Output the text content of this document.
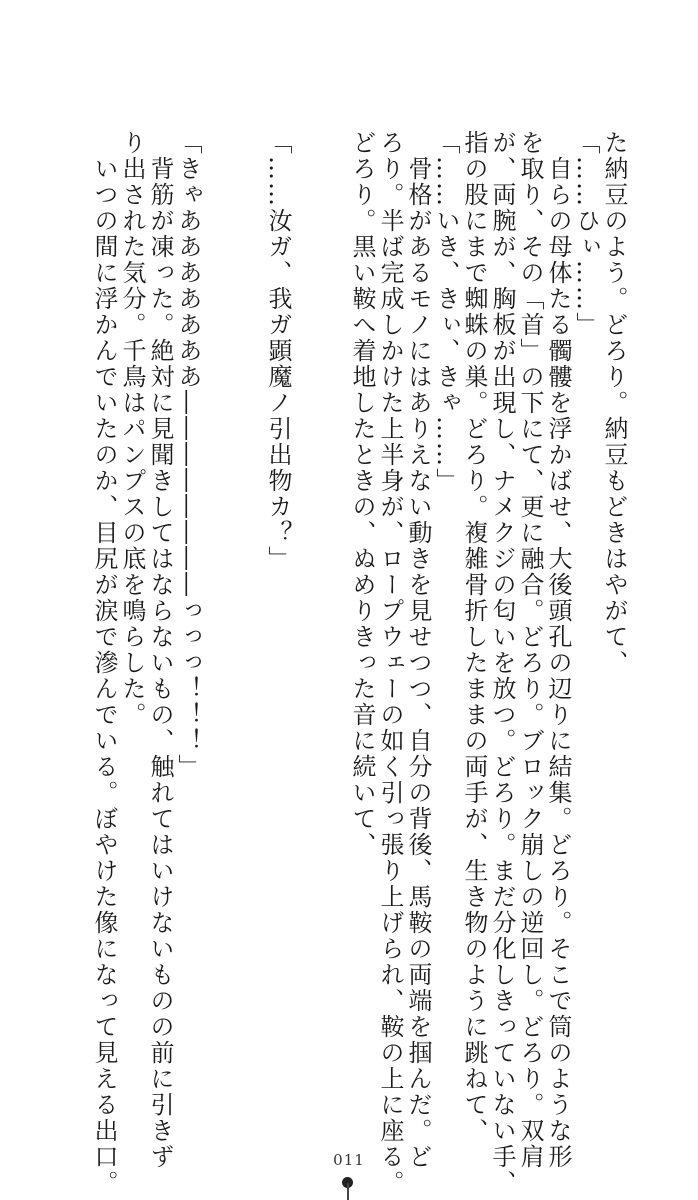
た納豆のよう。どろり。納豆もどきはやがて、
「……ひぃ……」
　自らの母体たる髑髏を浮かばせ、大後頭孔の辺りに結集。どろり。そこで筒のような形
を取り、その「首」の下にて、更に融合。どろり。ブロック崩しの逆回し。どろり。双肩
が、両腕が、胸板が出現し、ナメクジの匂いを放つ。どろり。まだ分化しきっていない手、
指の股にまで蜘蛛の巣。どろり。複雑骨折したままの両手が、生き物のように跳ねて、
「……いき、きぃ、きゃ……」
　骨格があるモノにはありえない動きを見せつつ、自分の背後、馬鞍の両端を掴んだ。ど
ろり。半ば完成しかけた上半身が、ロープウェーの如く引っ張り上げられ、鞍の上に座る。
どろり。黒い鞍へ着地したときの、ぬめりきった音に続いて、
「……汝ガ、我ガ顕魔ノ引出物カ？」
「きゃあああああああ――――――――っっっ！！！」
　背筋が凍った。絶対に見聞きしてはならないもの、触れてはいけないものの前に引きず
り出された気分。千鳥はパンプスの底を鳴らした。
　いつの間に浮かんでいたのか、目尻が涙で滲んでいる。ぼやけた像になって見える出口。	011
